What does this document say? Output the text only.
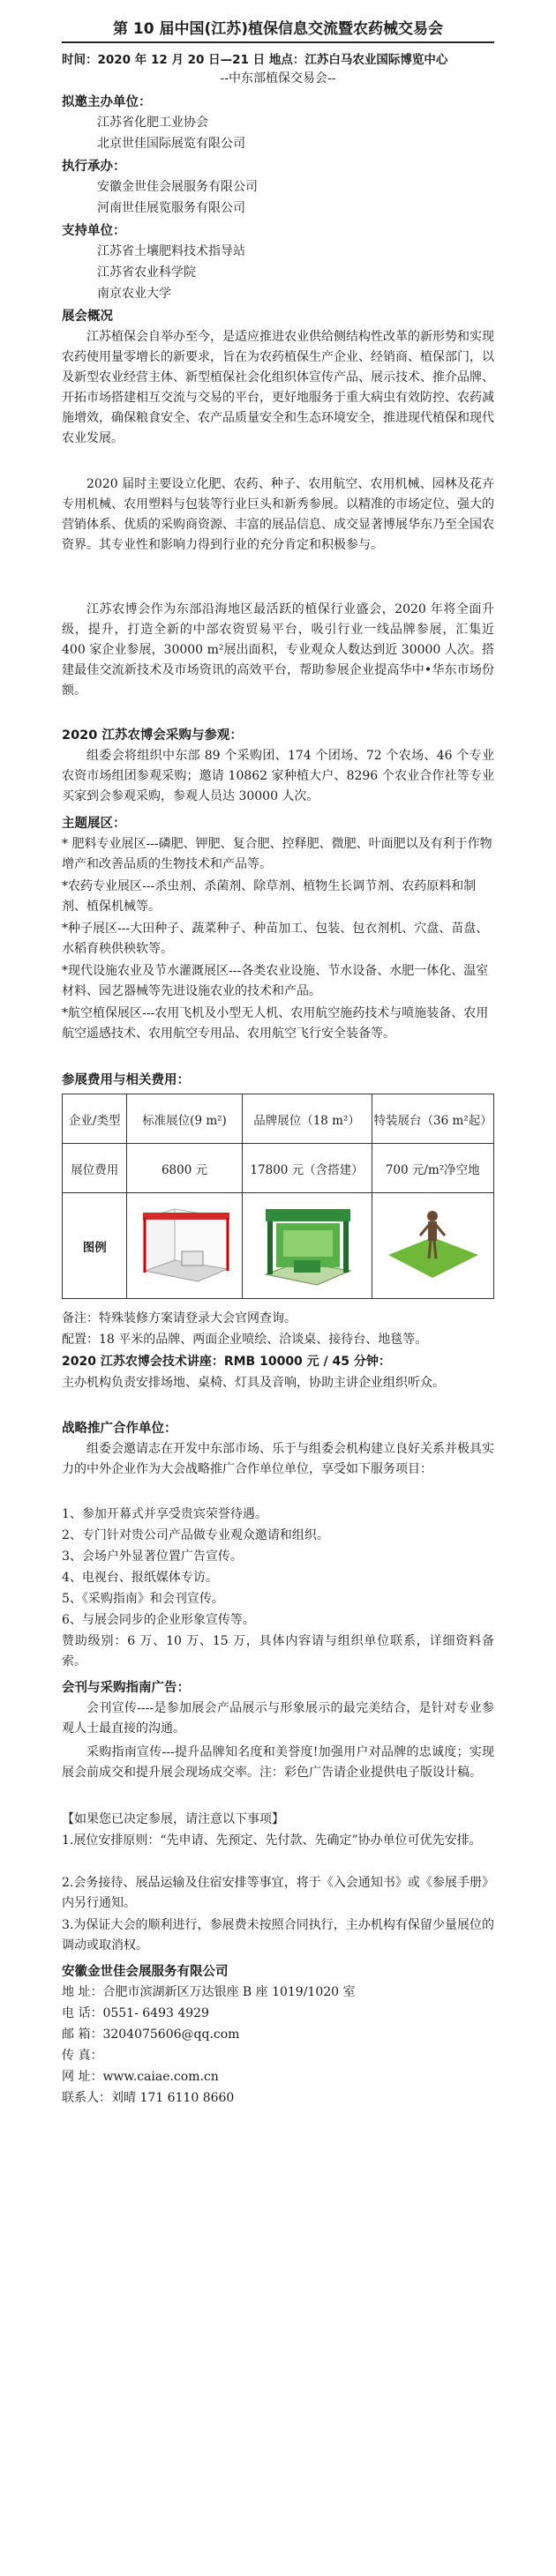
第 10 届中国(江苏)植保信息交流暨农药械交易会
时间：2020 年 12 月 20 日—21 日 地点：江苏白马农业国际博览中心
--中东部植保交易会--
拟邀主办单位：
江苏省化肥工业协会
北京世佳国际展览有限公司
执行承办：
安徽金世佳会展服务有限公司
河南世佳展览服务有限公司
支持单位：
江苏省土壤肥料技术指导站
江苏省农业科学院
南京农业大学
展会概况
江苏植保会自举办至今，是适应推进农业供给侧结构性改革的新形势和实现农药使用量零增长的新要求，旨在为农药植保生产企业、经销商、植保部门，以及新型农业经营主体、新型植保社会化组织体宣传产品、展示技术、推介品牌、开拓市场搭建相互交流与交易的平台，更好地服务于重大病虫有效防控、农药减施增效，确保粮食安全、农产品质量安全和生态环境安全，推进现代植保和现代农业发展。
2020 届时主要设立化肥、农药、种子、农用航空、农用机械、园林及花卉专用机械、农用塑料与包装等行业巨头和新秀参展。以精准的市场定位、强大的营销体系、优质的采购商资源、丰富的展品信息、成交显著博展华东乃至全国农资界。其专业性和影响力得到行业的充分肯定和积极参与。
江苏农博会作为东部沿海地区最活跃的植保行业盛会，2020 年将全面升级，提升，打造全新的中部农资贸易平台，吸引行业一线品牌参展，汇集近 400 家企业参展，30000 m²展出面积，专业观众人数达到近 30000 人次。搭建最佳交流新技术及市场资讯的高效平台，帮助参展企业提高华中•华东市场份额。
2020 江苏农博会采购与参观：
组委会将组织中东部 89 个采购团、174 个团场、72 个农场、46 个专业农资市场组团参观采购；邀请 10862 家种植大户、8296 个农业合作社等专业买家到会参观采购，参观人员达 30000 人次。
主题展区：
* 肥料专业展区---磷肥、钾肥、复合肥、控释肥、微肥、叶面肥以及有利于作物增产和改善品质的生物技术和产品等。
*农药专业展区---杀虫剂、杀菌剂、除草剂、植物生长调节剂、农药原料和制剂、植保机械等。
*种子展区---大田种子、蔬菜种子、种苗加工、包装、包衣剂机、穴盘、苗盘、水稻育秧供秧软等。
*现代设施农业及节水灌溉展区---各类农业设施、节水设备、水肥一体化、温室材料、园艺器械等先进设施农业的技术和产品。
*航空植保展区---农用飞机及小型无人机、农用航空施药技术与喷施装备、农用航空遥感技术、农用航空专用品、农用航空飞行安全装备等。
参展费用与相关费用：
企业/类型	标准展位(9 m²)	品牌展位（18 m²）	特装展台（36 m²起）
展位费用	6800 元	17800 元（含搭建）	700 元/m²净空地
图例			
备注：特殊装修方案请登录大会官网查询。
配置：18 平米的品牌、两面企业喷绘、洽谈桌、接待台、地毯等。
2020 江苏农博会技术讲座：RMB 10000 元 / 45 分钟：
主办机构负责安排场地、桌椅、灯具及音响，协助主讲企业组织听众。
战略推广合作单位：
组委会邀请志在开发中东部市场、乐于与组委会机构建立良好关系并极具实力的中外企业作为大会战略推广合作单位单位，享受如下服务项目：
1、参加开幕式并享受贵宾荣誉待遇。
2、专门针对贵公司产品做专业观众邀请和组织。
3、会场户外显著位置广告宣传。
4、电视台、报纸媒体专访。
5、《采购指南》和会刊宣传。
6、与展会同步的企业形象宣传等。
赞助级别：6 万、10 万、15 万，具体内容请与组织单位联系，详细资料备索。
会刊与采购指南广告：
会刊宣传----是参加展会产品展示与形象展示的最完美结合，是针对专业参观人士最直接的沟通。
采购指南宣传---提升品牌知名度和美誉度!加强用户对品牌的忠诚度；实现展会前成交和提升展会现场成交率。注：彩色广告请企业提供电子版设计稿。
【如果您已决定参展，请注意以下事项】
1.展位安排原则：“先申请、先预定、先付款、先确定”协办单位可优先安排。
2.会务接待、展品运输及住宿安排等事宜，将于《入会通知书》或《参展手册》内另行通知。
3.为保证大会的顺利进行，参展费未按照合同执行，主办机构有保留少量展位的调动或取消权。
安徽金世佳会展服务有限公司
地 址：合肥市滨湖新区万达银座 B 座 1019/1020 室
电 话：0551- 6493 4929
邮 箱：3204075606@qq.com
传 真：
网 址：www.caiae.com.cn
联系人：刘晴 171 6110 8660
